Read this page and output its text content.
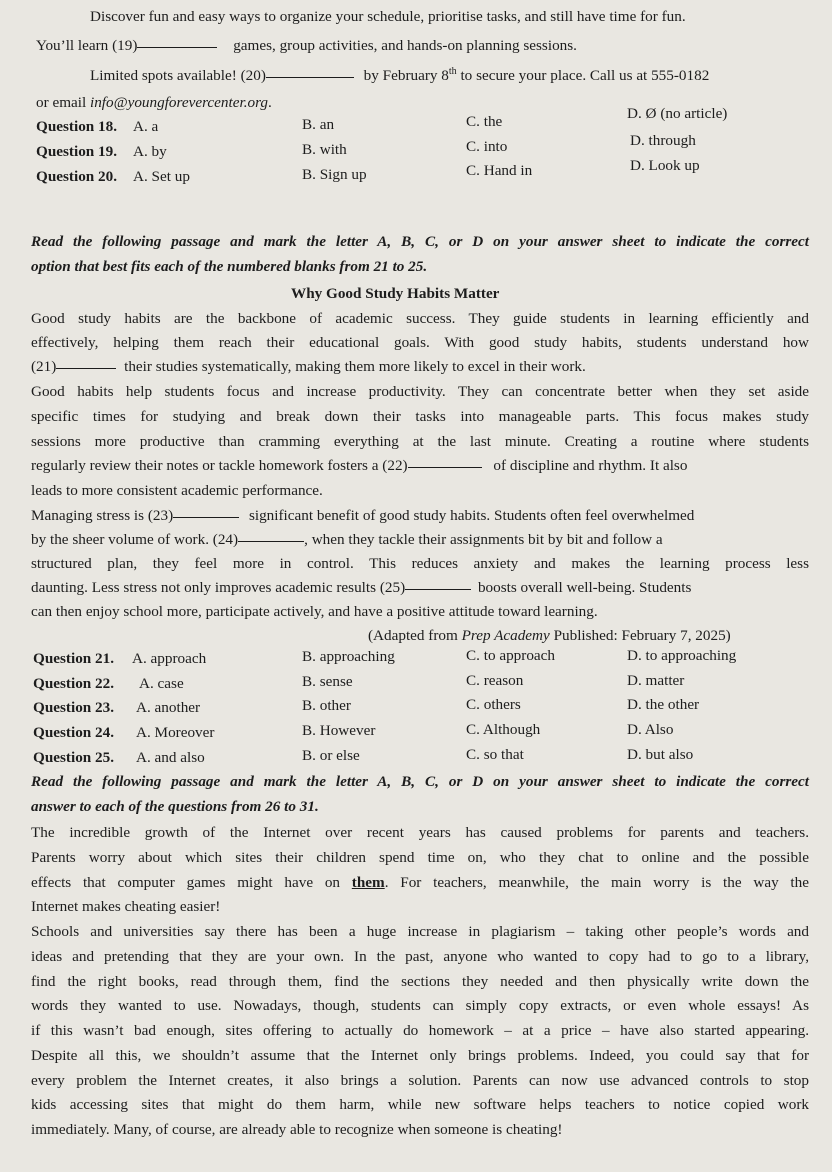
Discover fun and easy ways to organize your schedule, prioritise tasks, and still have time for fun.
You’ll learn (19)	games, group activities, and hands-on planning sessions.
Limited spots available! (20)	by February 8th to secure your place. Call us at 555-0182
or email info@youngforevercenter.org.
Question 18. A. a	B. an	C. the	D. Ø (no article)
Question 19. A. by	B. with	C. into	D. through
Question 20. A. Set up	B. Sign up	C. Hand in	D. Look up
Read the following passage and mark the letter A, B, C, or D on your answer sheet to indicate the correct
option that best fits each of the numbered blanks from 21 to 25.
Why Good Study Habits Matter
Good study habits are the backbone of academic success. They guide students in learning efficiently and
effectively, helping them reach their educational goals. With good study habits, students understand how
(21)	their studies systematically, making them more likely to excel in their work.
Good habits help students focus and increase productivity. They can concentrate better when they set aside
specific times for studying and break down their tasks into manageable parts. This focus makes study
sessions more productive than cramming everything at the last minute. Creating a routine where students
regularly review their notes or tackle homework fosters a (22)	of discipline and rhythm. It also
leads to more consistent academic performance.
Managing stress is (23)	significant benefit of good study habits. Students often feel overwhelmed
by the sheer volume of work. (24)	, when they tackle their assignments bit by bit and follow a
structured plan, they feel more in control. This reduces anxiety and makes the learning process less
daunting. Less stress not only improves academic results (25)	boosts overall well-being. Students
can then enjoy school more, participate actively, and have a positive attitude toward learning.
(Adapted from Prep Academy Published: February 7, 2025)
Question 21. A. approach	B. approaching	C. to approach	D. to approaching
Question 22. A. case	B. sense	C. reason	D. matter
Question 23. A. another	B. other	C. others	D. the other
Question 24. A. Moreover	B. However	C. Although	D. Also
Question 25. A. and also	B. or else	C. so that	D. but also
Read the following passage and mark the letter A, B, C, or D on your answer sheet to indicate the correct
answer to each of the questions from 26 to 31.
The incredible growth of the Internet over recent years has caused problems for parents and teachers.
Parents worry about which sites their children spend time on, who they chat to online and the possible
effects that computer games might have on them. For teachers, meanwhile, the main worry is the way the
Internet makes cheating easier!
Schools and universities say there has been a huge increase in plagiarism – taking other people’s words and
ideas and pretending that they are your own. In the past, anyone who wanted to copy had to go to a library,
find the right books, read through them, find the sections they needed and then physically write down the
words they wanted to use. Nowadays, though, students can simply copy extracts, or even whole essays! As
if this wasn’t bad enough, sites offering to actually do homework – at a price – have also started appearing.
Despite all this, we shouldn’t assume that the Internet only brings problems. Indeed, you could say that for
every problem the Internet creates, it also brings a solution. Parents can now use advanced controls to stop
kids accessing sites that might do them harm, while new software helps teachers to notice copied work
immediately. Many, of course, are already able to recognize when someone is cheating!
